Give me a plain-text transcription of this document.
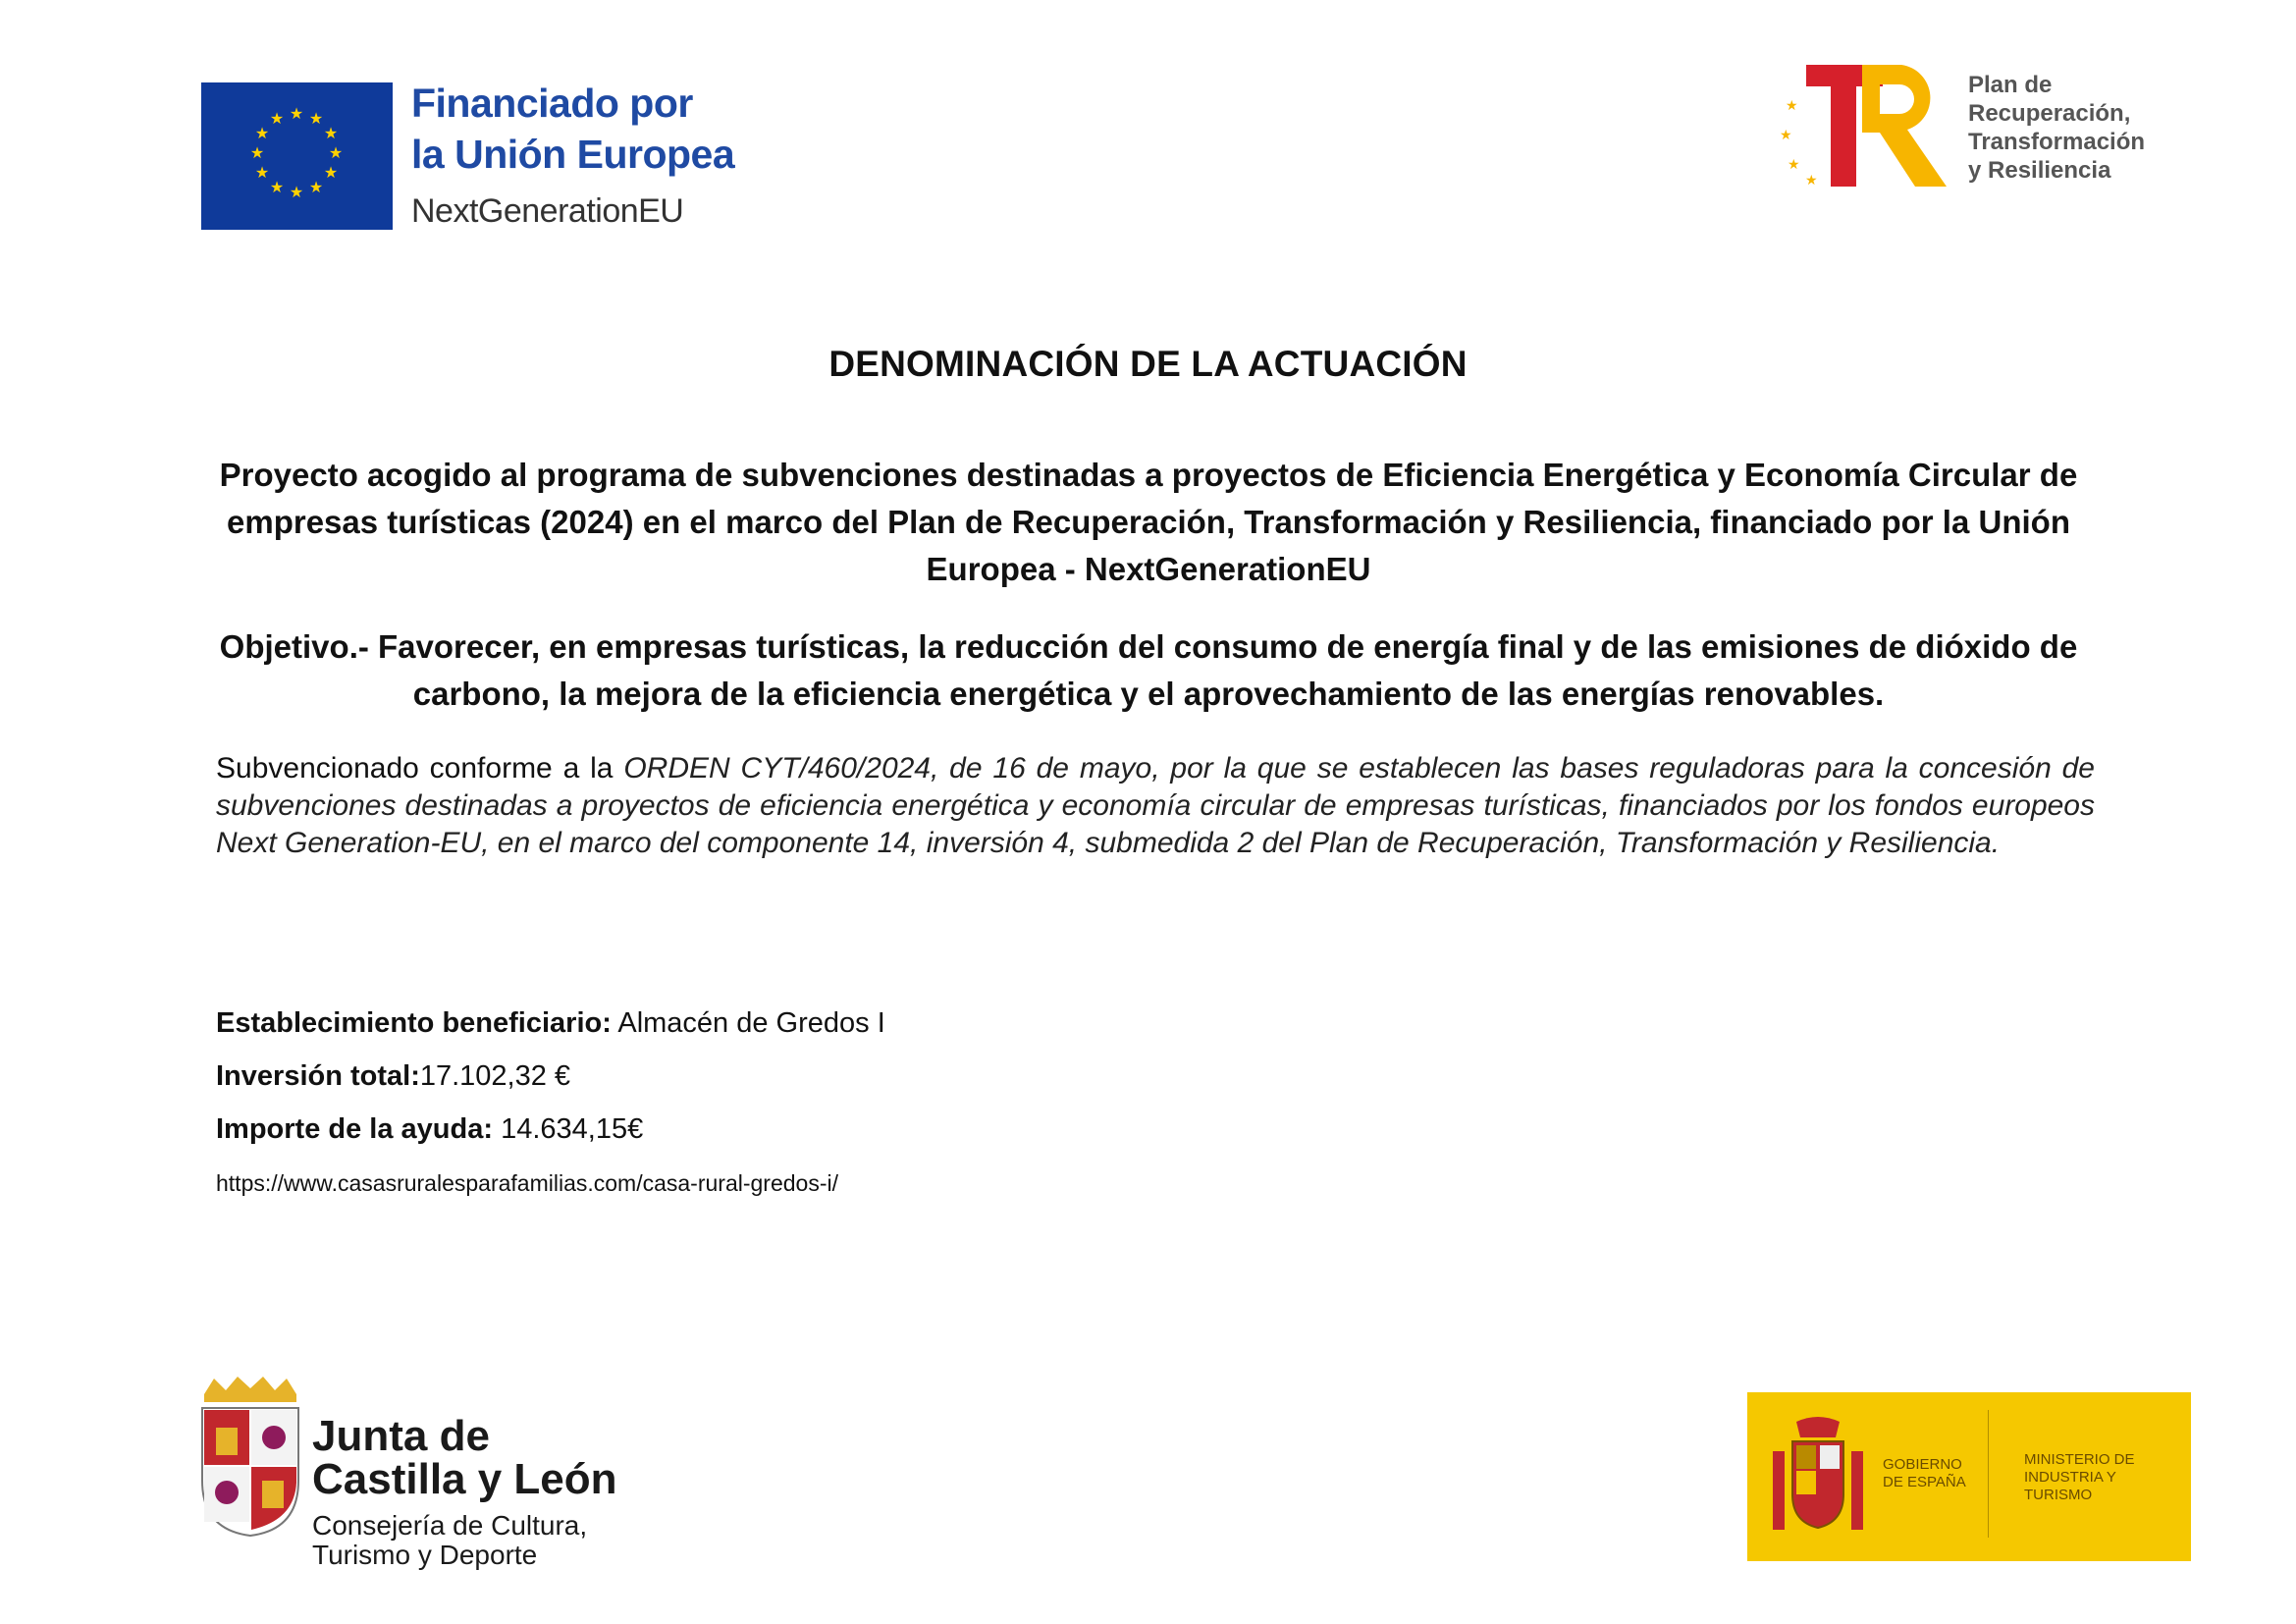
★ ★
★
★
★
★
★
★
★
★
★
★	Financiado por
la Unión Europea
NextGenerationEU
★
★
★
★
Plan de
Recuperación,
Transformación
y Resiliencia
DENOMINACIÓN DE LA ACTUACIÓN
Proyecto acogido al programa de subvenciones destinadas a proyectos de Eficiencia Energética y Economía Circular de empresas turísticas (2024) en el marco del Plan de Recuperación, Transformación y Resiliencia, financiado por la Unión Europea - NextGenerationEU
Objetivo.- Favorecer, en empresas turísticas, la reducción del consumo de energía final y de las emisiones de dióxido de carbono, la mejora de la eficiencia energética y el aprovechamiento de las energías renovables.
Subvencionado conforme a la ORDEN CYT/460/2024, de 16 de mayo, por la que se establecen las bases reguladoras para la concesión de subvenciones destinadas a proyectos de eficiencia energética y economía circular de empresas turísticas, financiados por los fondos europeos Next Generation-EU, en el marco del componente 14, inversión 4, submedida 2 del Plan de Recuperación, Transformación y Resiliencia.
Establecimiento beneficiario: Almacén de Gredos I
Inversión total:17.102,32 €
Importe de la ayuda: 14.634,15€
https://www.casasruralesparafamilias.com/casa-rural-gredos-i/
Junta de
Castilla y León
Consejería de Cultura,
Turismo y Deporte
GOBIERNO DE ESPAÑA
MINISTERIO DE INDUSTRIA Y TURISMO
